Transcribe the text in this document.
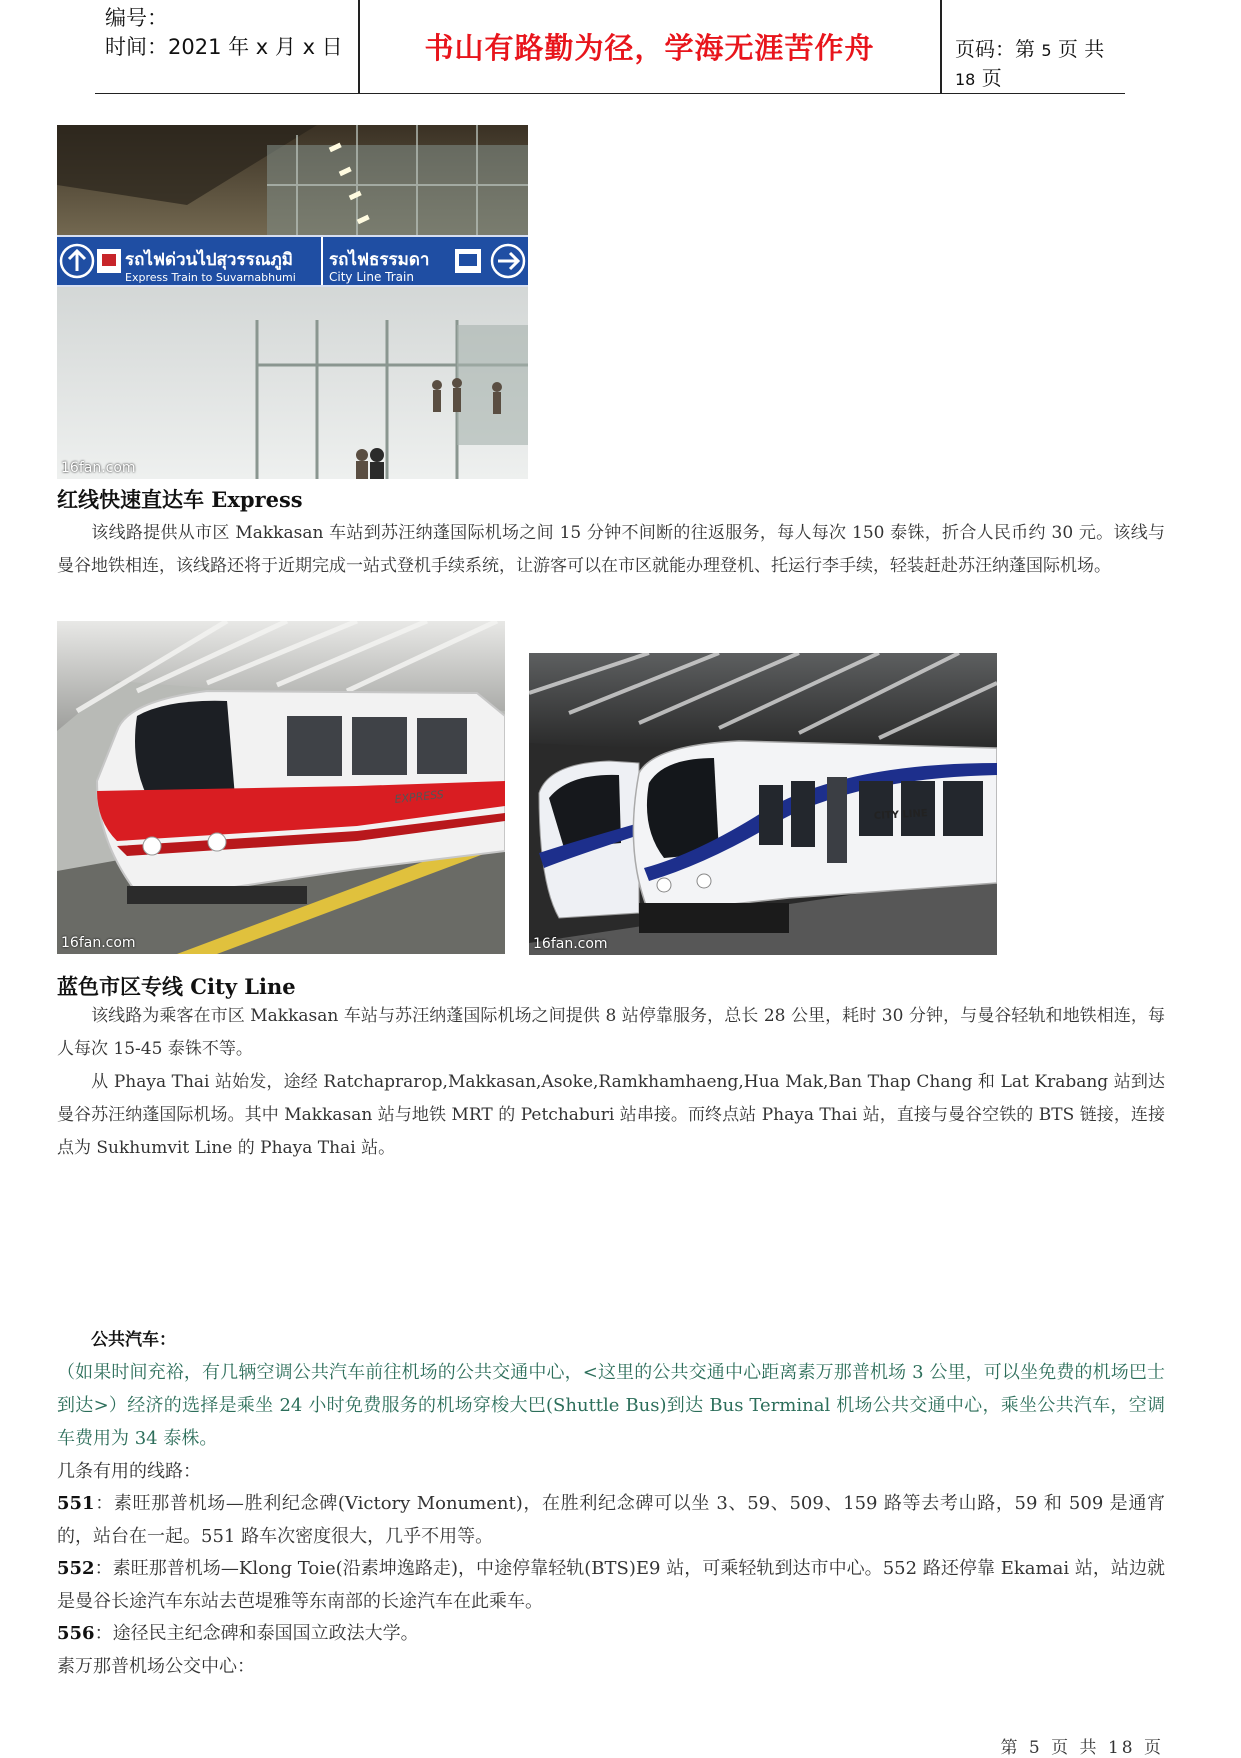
编号：
时间：2021 年 x 月 x 日	书山有路勤为径，学海无涯苦作舟	页码：第 5 页 共 18 页
รถไฟด่วนไปสุวรรณภูมิ
Express Train to Suvarnabhumi
รถไฟธรรมดา
City Line Train
16fan.com
红线快速直达车 Express
该线路提供从市区 Makkasan 车站到苏汪纳蓬国际机场之间 15 分钟不间断的往返服务，每人每次 150 泰铢，折合人民币约 30 元。该线与曼谷地铁相连，该线路还将于近期完成一站式登机手续系统，让游客可以在市区就能办理登机、托运行李手续，轻装赶赴苏汪纳蓬国际机场。
EXPRESS
16fan.com
CITY LINE
16fan.com
蓝色市区专线 City Line
该线路为乘客在市区 Makkasan 车站与苏汪纳蓬国际机场之间提供 8 站停靠服务，总长 28 公里，耗时 30 分钟，与曼谷轻轨和地铁相连，每人每次 15-45 泰铢不等。
从 Phaya Thai 站始发，途经 Ratchaprarop,Makkasan,Asoke,Ramkhamhaeng,Hua Mak,Ban Thap Chang 和 Lat Krabang 站到达曼谷苏汪纳蓬国际机场。其中 Makkasan 站与地铁 MRT 的 Petchaburi 站串接。而终点站 Phaya Thai 站，直接与曼谷空铁的 BTS 链接，连接点为 Sukhumvit Line 的 Phaya Thai 站。
公共汽车：
（如果时间充裕，有几辆空调公共汽车前往机场的公共交通中心，<这里的公共交通中心距离素万那普机场 3 公里，可以坐免费的机场巴士到达>）经济的选择是乘坐 24 小时免费服务的机场穿梭大巴(Shuttle Bus)到达 Bus Terminal 机场公共交通中心，乘坐公共汽车，空调车费用为 34 泰株。
几条有用的线路：
551：素旺那普机场—胜利纪念碑(Victory Monument)，在胜利纪念碑可以坐 3、59、509、159 路等去考山路，59 和 509 是通宵的，站台在一起。551 路车次密度很大，几乎不用等。
552：素旺那普机场—Klong Toie(沿素坤逸路走)，中途停靠轻轨(BTS)E9 站，可乘轻轨到达市中心。552 路还停靠 Ekamai 站，站边就是曼谷长途汽车东站去芭堤雅等东南部的长途汽车在此乘车。
556：途径民主纪念碑和泰国国立政法大学。
素万那普机场公交中心：
第 5 页 共 18 页
